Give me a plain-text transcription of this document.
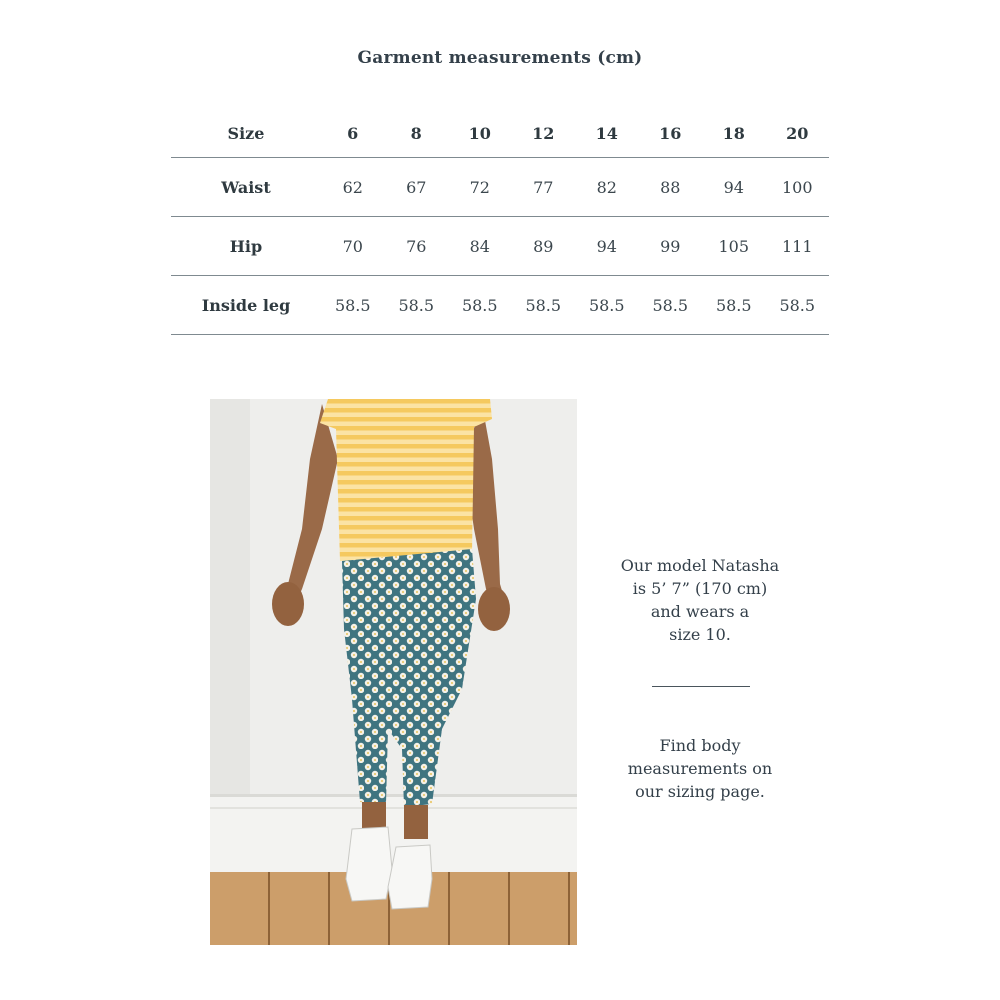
Garment measurements (cm)
Size	6	8	10	12	14	16	18	20
Waist	62	67	72	77	82	88	94	100
Hip	70	76	84	89	94	99	105	111
Inside leg	58.5	58.5	58.5	58.5	58.5	58.5	58.5	58.5
Our model Natasha
is 5’ 7” (170 cm)
and wears a
size 10.
Find body
measurements on
our sizing page.
